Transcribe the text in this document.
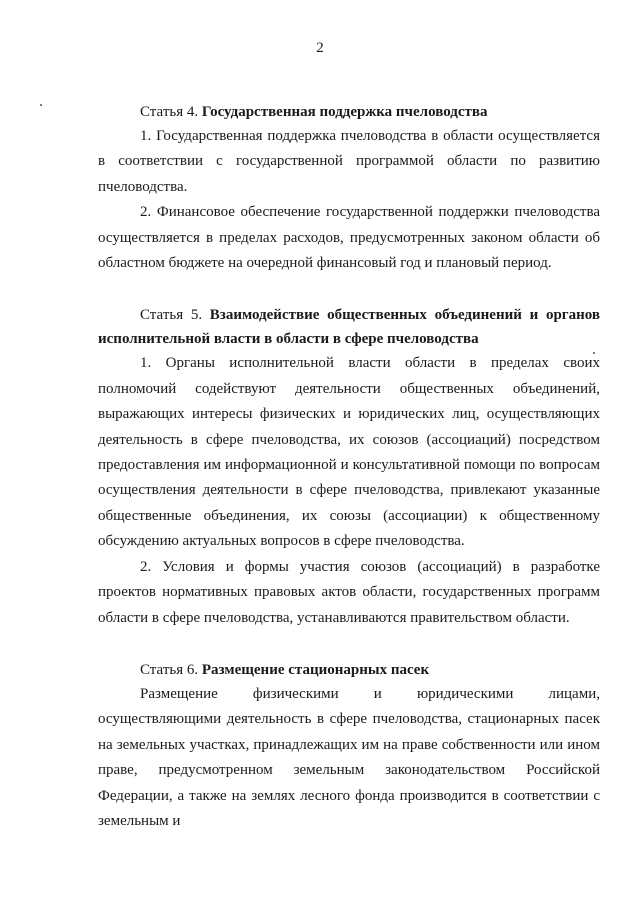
2

Статья 4. Государственная поддержка пчеловодства

1. Государственная поддержка пчеловодства в области осуществляется в соответствии с государственной программой области по развитию пчеловодства.

2. Финансовое обеспечение государственной поддержки пчеловодства осуществляется в пределах расходов, предусмотренных законом области об областном бюджете на очередной финансовый год и плановый период.

Статья 5. Взаимодействие общественных объединений и органов исполнительной власти в области в сфере пчеловодства

1. Органы исполнительной власти области в пределах своих полномочий содействуют деятельности общественных объединений, выражающих интересы физических и юридических лиц, осуществляющих деятельность в сфере пчеловодства, их союзов (ассоциаций) посредством предоставления им информационной и консультативной помощи по вопросам осуществления деятельности в сфере пчеловодства, привлекают указанные общественные объединения, их союзы (ассоциации) к общественному обсуждению актуальных вопросов в сфере пчеловодства.

2. Условия и формы участия союзов (ассоциаций) в разработке проектов нормативных правовых актов области, государственных программ области в сфере пчеловодства, устанавливаются правительством области.

Статья 6. Размещение стационарных пасек

Размещение физическими и юридическими лицами, осуществляющими деятельность в сфере пчеловодства, стационарных пасек на земельных участках, принадлежащих им на праве собственности или ином праве, предусмотренном земельным законодательством Российской Федерации, а также на землях лесного фонда производится в соответствии с земельным и
